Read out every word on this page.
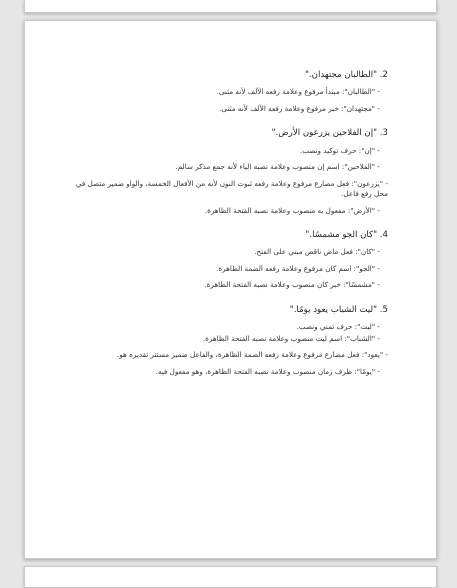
2. "الطالبان مجتهدان."

- "الطالبان": مبتدأ مرفوع وعلامة رفعه الألف لأنه مثنى.

- "مجتهدان": خبر مرفوع وعلامة رفعه الألف لأنه مثنى.

3. "إن الفلاحين يزرعون الأرض."

- "إن": حرف توكيد ونصب.

- "الفلاحين": اسم إن منصوب وعلامة نصبه الياء لأنه جمع مذكر سالم.

- "يزرعون": فعل مضارع مرفوع وعلامة رفعه ثبوت النون لأنه من الأفعال الخمسة، والواو ضمير متصل في محل رفع فاعل.

- "الأرض": مفعول به منصوب وعلامة نصبه الفتحة الظاهرة.

4. "كان الجو مشمسًا."

- "كان": فعل ماض ناقص مبني على الفتح.

- "الجو": اسم كان مرفوع وعلامة رفعه الضمة الظاهرة.

- "مشمسًا": خبر كان منصوب وعلامة نصبه الفتحة الظاهرة.

5. "ليت الشباب يعود يومًا."

- "ليت": حرف تمني ونصب.

- "الشباب": اسم ليت منصوب وعلامة نصبه الفتحة الظاهرة.

- "يعود": فعل مضارع مرفوع وعلامة رفعه الضمة الظاهرة، والفاعل ضمير مستتر تقديره هو.

- "يومًا": ظرف زمان منصوب وعلامة نصبه الفتحة الظاهرة، وهو مفعول فيه.
